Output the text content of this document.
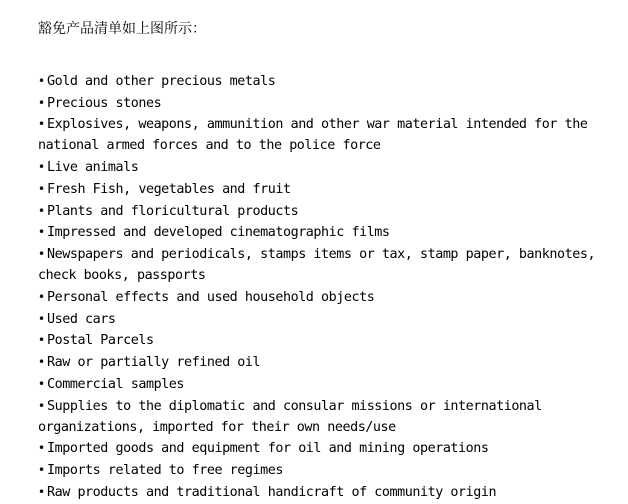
豁免产品清单如上图所示：
• Gold and other precious metals
• Precious stones
• Explosives, weapons, ammunition and other war material intended for the national armed forces and to the police force
• Live animals
• Fresh Fish, vegetables and fruit
• Plants and floricultural products
• Impressed and developed cinematographic films
• Newspapers and periodicals, stamps items or tax, stamp paper, banknotes, check books, passports
• Personal effects and used household objects
• Used cars
• Postal Parcels
• Raw or partially refined oil
• Commercial samples
• Supplies to the diplomatic and consular missions or international organizations, imported for their own needs/use
• Imported goods and equipment for oil and mining operations
• Imports related to free regimes
• Raw products and traditional handicraft of community origin
